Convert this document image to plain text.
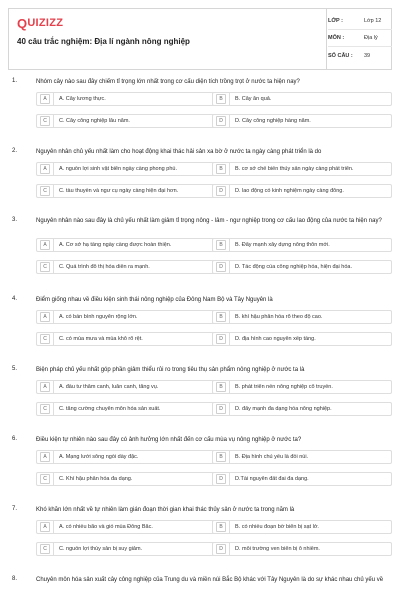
Q UIZIZZ
40 câu trắc nghiệm: Địa lí ngành nông nghiệp
LỚP :	Lớp 12
MÔN :	Địa lý
SỐ CÂU :	39
1.	Nhóm cây nào sau đây chiếm tỉ trọng lớn nhất trong cơ cấu diện tích trồng trọt ở nước ta hiện nay?
A	A. Cây lương thực.	B	B. Cây ăn quả.
C	C. Cây công nghiệp lâu năm.	D	D. Cây công nghiệp hàng năm.
2.	Nguyên nhân chủ yếu nhất làm cho hoạt động khai thác hải sản xa bờ ở nước ta ngày càng phát triển là do
A	A. nguồn lợi sinh vật biển ngày càng phong phú.	B	B. cơ sở chế biến thủy sản ngày càng phát triển.
C	C. tàu thuyền và ngư cụ ngày càng hiện đại hơn.	D	D. lao động có kinh nghiệm ngày càng đông.
3.	Nguyên nhân nào sau đây là chủ yếu nhất làm giảm tỉ trọng nông - lâm - ngư nghiệp trong cơ cấu lao động của nước ta hiện nay?
A	A. Cơ sở hạ tầng ngày càng được hoàn thiện.	B	B. Đẩy mạnh xây dựng nông thôn mới.
C	C. Quá trình đô thị hóa diễn ra mạnh.	D	D. Tác động của công nghiệp hóa, hiện đại hóa.
4.	Điểm giống nhau về điều kiện sinh thái nông nghiệp của Đông Nam Bộ và Tây Nguyên là
A	A. có bán bình nguyên rộng lớn.	B	B. khí hậu phân hóa rõ theo độ cao.
C	C. có mùa mưa và mùa khô rõ rệt.	D	D. địa hình cao nguyên xếp tầng.
5.	Biện pháp chủ yếu nhất góp phần giảm thiểu rủi ro trong tiêu thụ sản phẩm nông nghiệp ở nước ta là
A	A. đầu tư thâm canh, luân canh, tăng vụ.	B	B. phát triển nền nông nghiệp cổ truyền.
C	C. tăng cường chuyên môn hóa sản xuất.	D	D. đẩy mạnh đa dạng hóa nông nghiệp.
6.	Điều kiện tự nhiên nào sau đây có ảnh hưởng lớn nhất đến cơ cấu mùa vụ nông nghiệp ở nước ta?
A	A. Mạng lưới sông ngòi dày đặc.	B	B. Địa hình chủ yếu là đồi núi.
C	C. Khí hậu phân hóa đa dạng.	D	D.Tài nguyên đất đai đa dạng.
7.	Khó khăn lớn nhất về tự nhiên làm gián đoạn thời gian khai thác thủy sản ở nước ta trong năm là
A	A. có nhiều bão và gió mùa Đông Bắc.	B	B. có nhiều đoạn bờ biển bị sạt lở.
C	C. nguồn lợi thủy sản bị suy giảm.	D	D. môi trường ven biển bị ô nhiễm.
8.	Chuyên môn hóa sản xuất cây công nghiệp của Trung du và miền núi Bắc Bộ khác với Tây Nguyên là do sự khác nhau chủ yếu về
